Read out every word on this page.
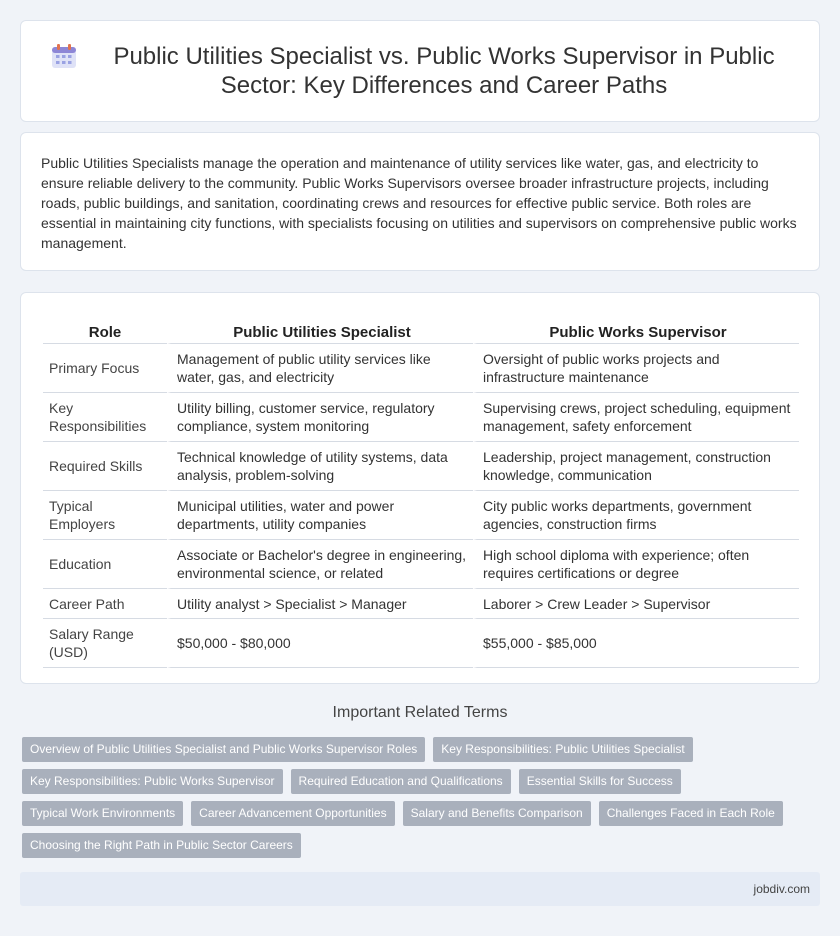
Public Utilities Specialist vs. Public Works Supervisor in Public Sector: Key Differences and Career Paths

Public Utilities Specialists manage the operation and maintenance of utility services like water, gas, and electricity to ensure reliable delivery to the community. Public Works Supervisors oversee broader infrastructure projects, including roads, public buildings, and sanitation, coordinating crews and resources for effective public service. Both roles are essential in maintaining city functions, with specialists focusing on utilities and supervisors on comprehensive public works management.

Role	Public Utilities Specialist	Public Works Supervisor
Primary Focus	Management of public utility services like water, gas, and electricity	Oversight of public works projects and infrastructure maintenance
Key Responsibilities	Utility billing, customer service, regulatory compliance, system monitoring	Supervising crews, project scheduling, equipment management, safety enforcement
Required Skills	Technical knowledge of utility systems, data analysis, problem-solving	Leadership, project management, construction knowledge, communication
Typical Employers	Municipal utilities, water and power departments, utility companies	City public works departments, government agencies, construction firms
Education	Associate or Bachelor's degree in engineering, environmental science, or related	High school diploma with experience; often requires certifications or degree
Career Path	Utility analyst > Specialist > Manager	Laborer > Crew Leader > Supervisor
Salary Range (USD)	$50,000 - $80,000	$55,000 - $85,000
Important Related Terms
Overview of Public Utilities Specialist and Public Works Supervisor Roles	Key Responsibilities: Public Utilities Specialist
Key Responsibilities: Public Works Supervisor	Required Education and Qualifications	Essential Skills for Success
Typical Work Environments	Career Advancement Opportunities	Salary and Benefits Comparison	Challenges Faced in Each Role
Choosing the Right Path in Public Sector Careers
jobdiv.com
